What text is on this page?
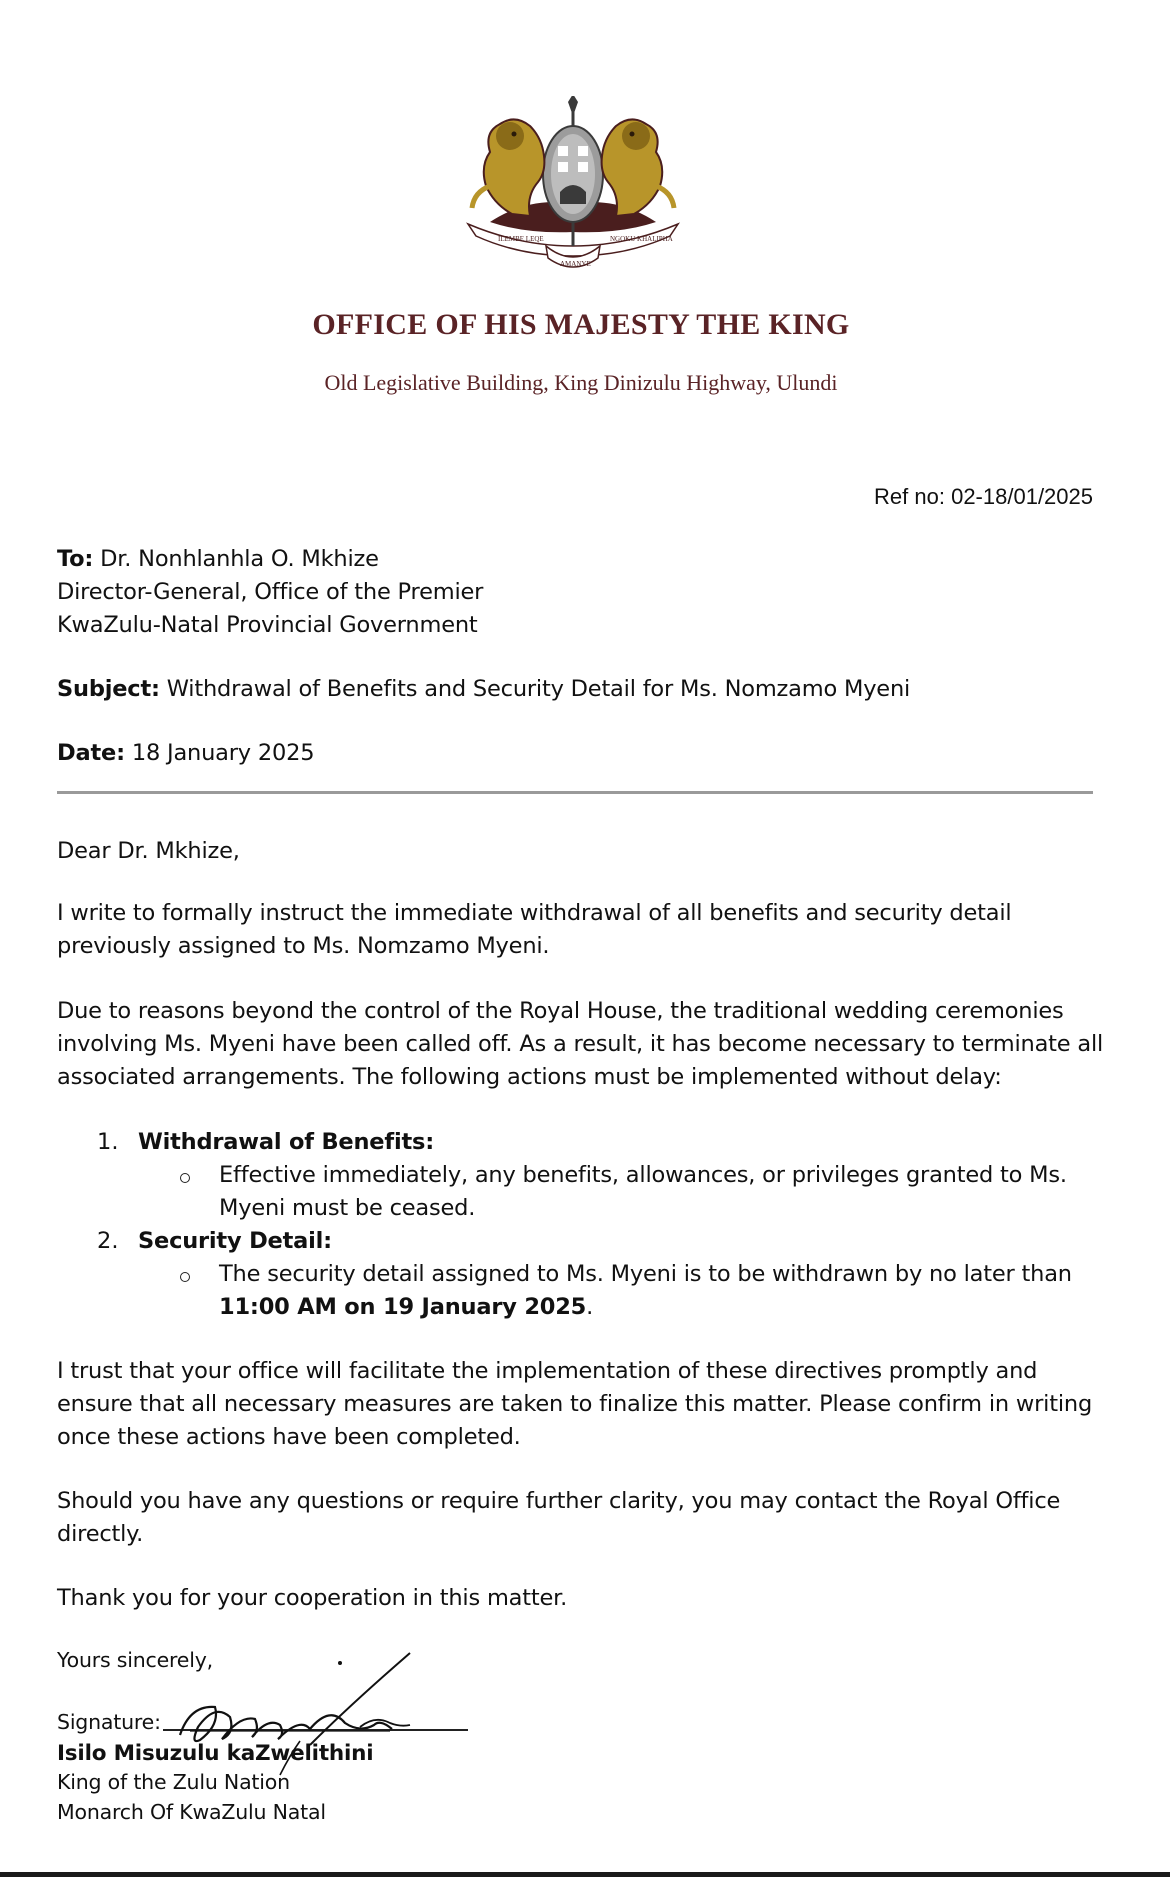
ILEMBE LEQE	NGOKU KHALIPHA
AMANYE
OFFICE OF HIS MAJESTY THE KING
Old Legislative Building, King Dinizulu Highway, Ulundi
Ref no: 02-18/01/2025
To: Dr. Nonhlanhla O. Mkhize
Director-General, Office of the Premier
KwaZulu-Natal Provincial Government
Subject: Withdrawal of Benefits and Security Detail for Ms. Nomzamo Myeni
Date: 18 January 2025
Dear Dr. Mkhize,
I write to formally instruct the immediate withdrawal of all benefits and security detail previously assigned to Ms. Nomzamo Myeni.
Due to reasons beyond the control of the Royal House, the traditional wedding ceremonies involving Ms. Myeni have been called off. As a result, it has become necessary to terminate all associated arrangements. The following actions must be implemented without delay:
1. Withdrawal of Benefits:
Effective immediately, any benefits, allowances, or privileges granted to Ms. Myeni must be ceased.
2. Security Detail:
The security detail assigned to Ms. Myeni is to be withdrawn by no later than 11:00 AM on 19 January 2025.
I trust that your office will facilitate the implementation of these directives promptly and ensure that all necessary measures are taken to finalize this matter. Please confirm in writing once these actions have been completed.
Should you have any questions or require further clarity, you may contact the Royal Office directly.
Thank you for your cooperation in this matter.
Yours sincerely,
Signature:
Isilo Misuzulu kaZwelithini
King of the Zulu Nation
Monarch Of KwaZulu Natal
